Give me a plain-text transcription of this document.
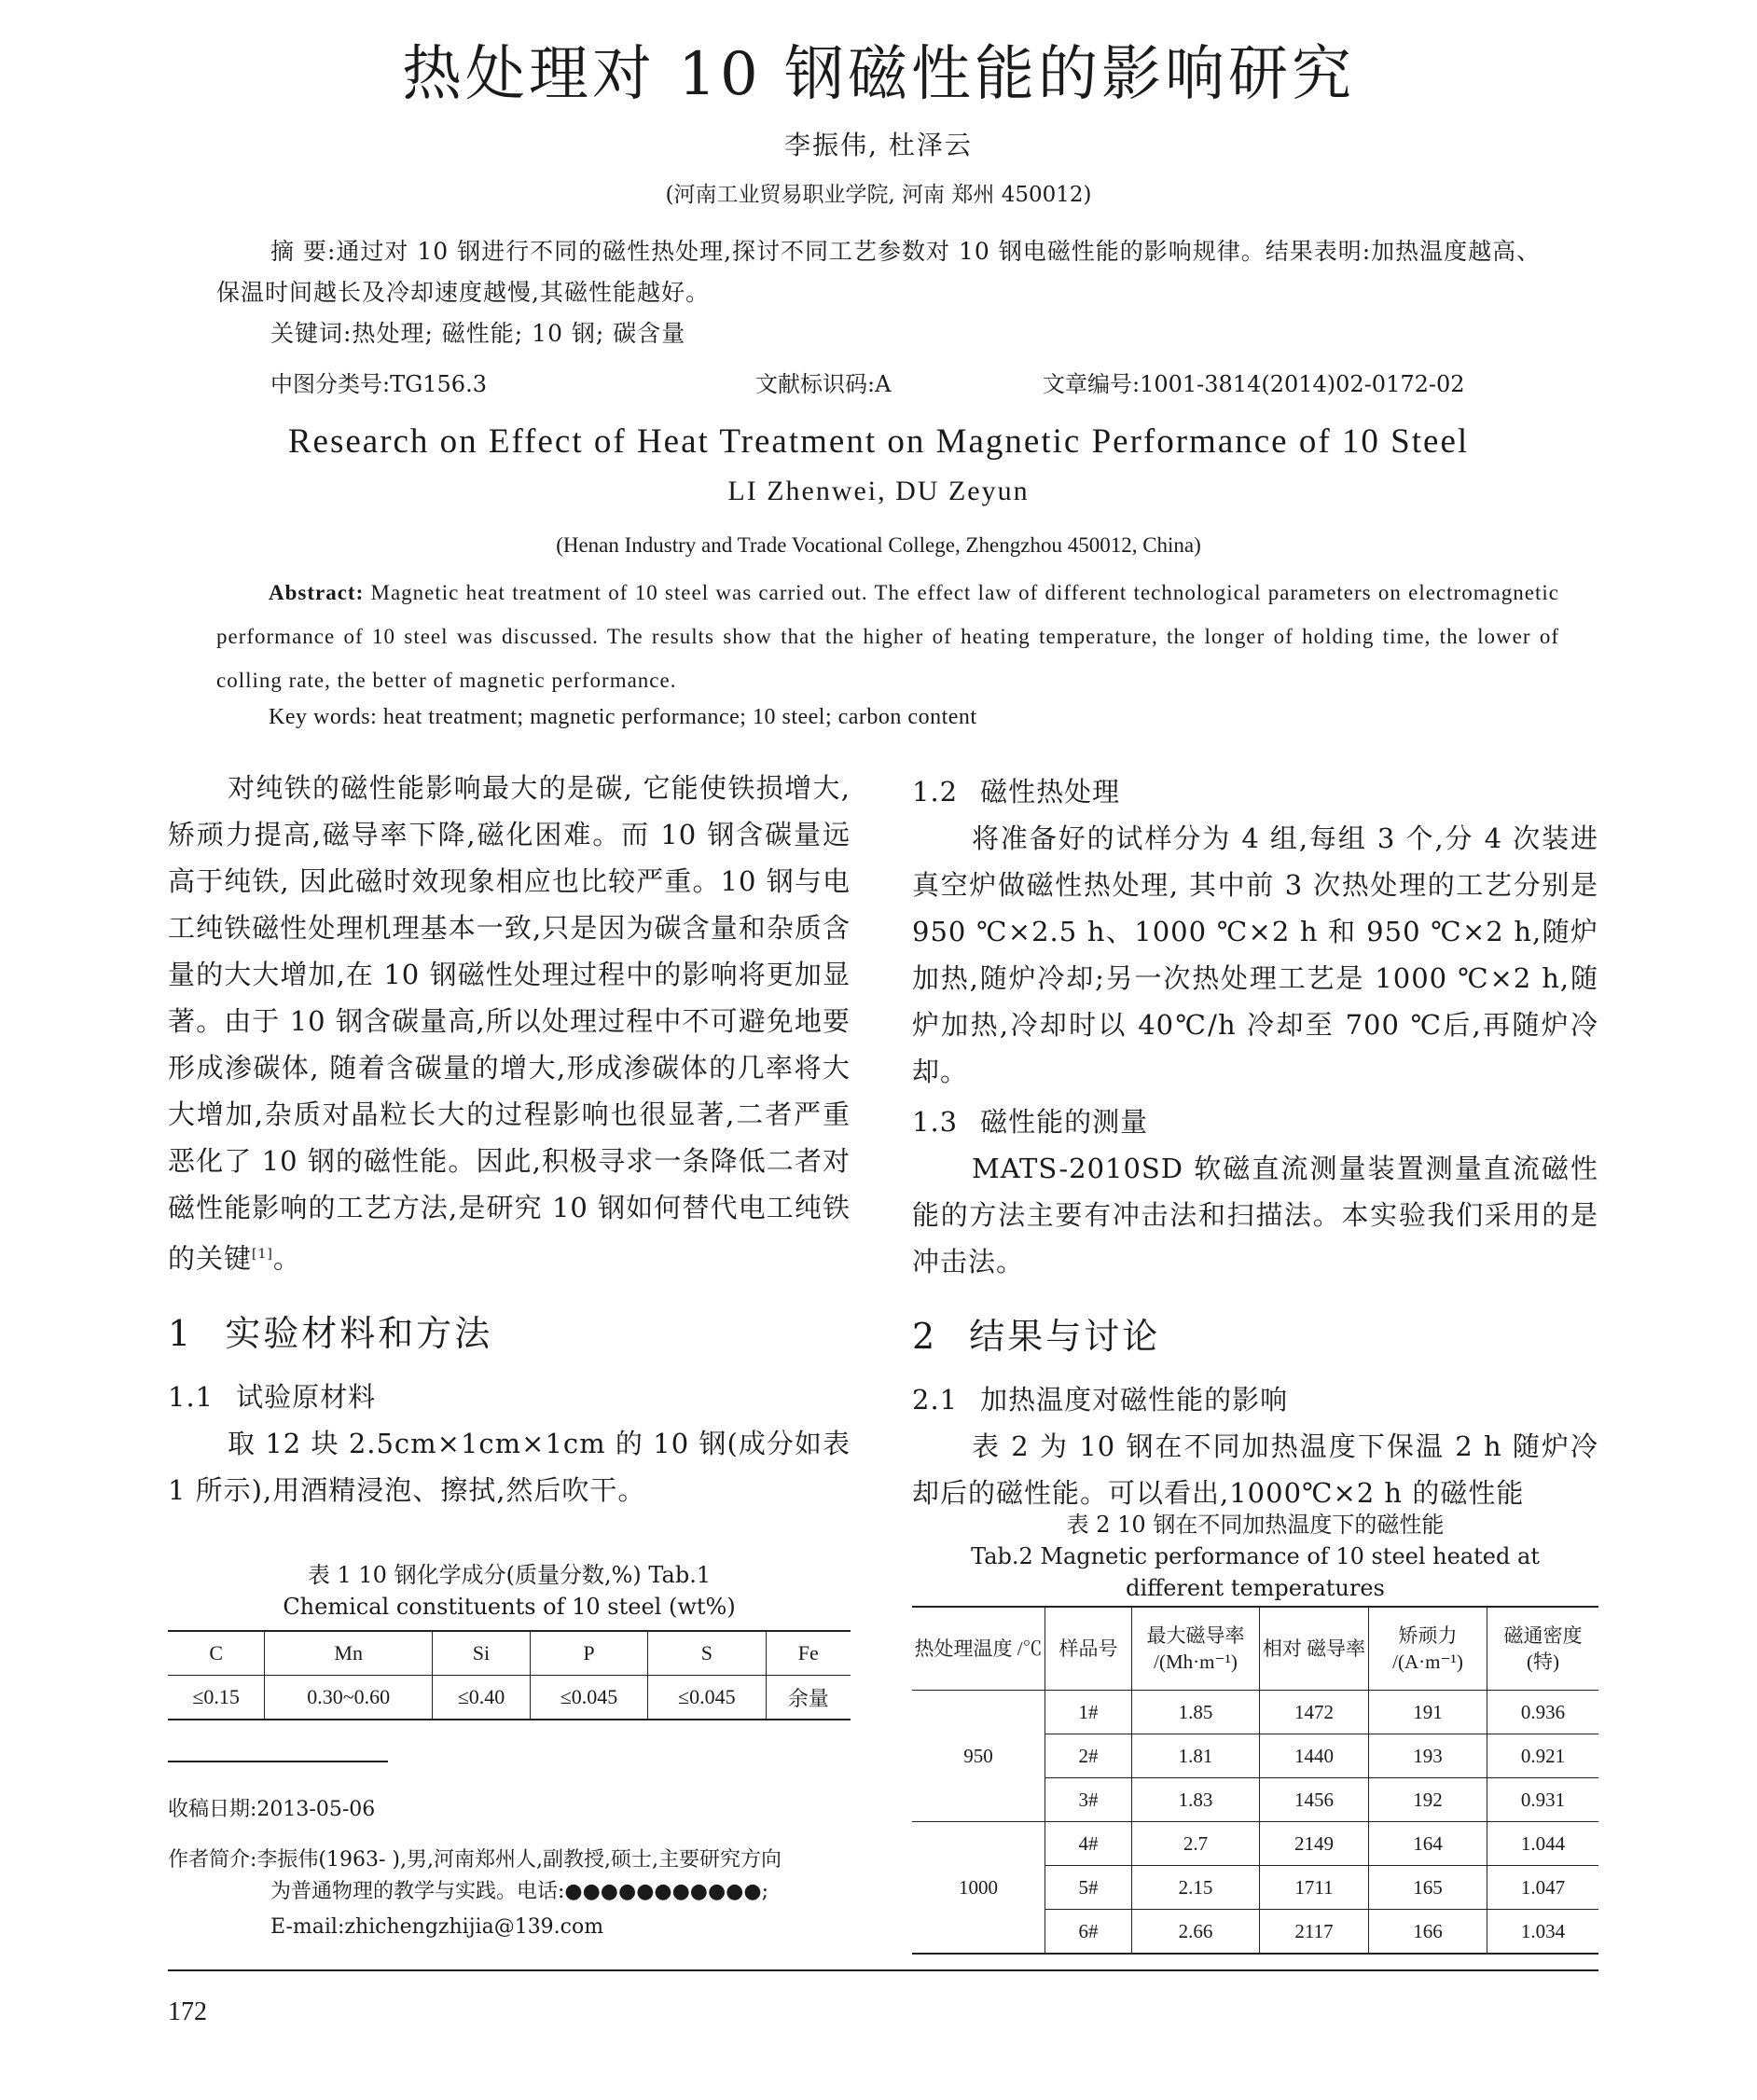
热处理对 10 钢磁性能的影响研究
李振伟, 杜泽云
(河南工业贸易职业学院, 河南 郑州 450012)
摘 要:通过对 10 钢进行不同的磁性热处理,探讨不同工艺参数对 10 钢电磁性能的影响规律。结果表明:加热温度越高、保温时间越长及冷却速度越慢,其磁性能越好。
关键词:热处理; 磁性能; 10 钢; 碳含量
中图分类号:TG156.3	文献标识码:A	文章编号:1001-3814(2014)02-0172-02
Research on Effect of Heat Treatment on Magnetic Performance of 10 Steel
LI Zhenwei, DU Zeyun
(Henan Industry and Trade Vocational College, Zhengzhou 450012, China)
Abstract: Magnetic heat treatment of 10 steel was carried out. The effect law of different technological parameters on electromagnetic performance of 10 steel was discussed. The results show that the higher of heating temperature, the longer of holding time, the lower of colling rate, the better of magnetic performance.
Key words: heat treatment; magnetic performance; 10 steel; carbon content

对纯铁的磁性能影响最大的是碳, 它能使铁损增大,矫顽力提高,磁导率下降,磁化困难。而 10 钢含碳量远高于纯铁, 因此磁时效现象相应也比较严重。10 钢与电工纯铁磁性处理机理基本一致,只是因为碳含量和杂质含量的大大增加,在 10 钢磁性处理过程中的影响将更加显著。由于 10 钢含碳量高,所以处理过程中不可避免地要形成渗碳体, 随着含碳量的增大,形成渗碳体的几率将大大增加,杂质对晶粒长大的过程影响也很显著,二者严重恶化了 10 钢的磁性能。因此,积极寻求一条降低二者对磁性能影响的工艺方法,是研究 10 钢如何替代电工纯铁的关键[1]。

1 实验材料和方法
1.1 试验原材料

取 12 块 2.5cm×1cm×1cm 的 10 钢(成分如表 1 所示),用酒精浸泡、擦拭,然后吹干。

表 1 10 钢化学成分(质量分数,%) Tab.1
Chemical constituents of 10 steel (wt%)
C	Mn	Si	P	S	Fe
≤0.15	0.30~0.60	≤0.40	≤0.045	≤0.045	余量
收稿日期:2013-05-06
作者简介:李振伟(1963- ),男,河南郑州人,副教授,硕士,主要研究方向
为普通物理的教学与实践。电话:●●●●●●●●●●●;
E-mail:zhichengzhijia@139.com
1.2 磁性热处理

将准备好的试样分为 4 组,每组 3 个,分 4 次装进真空炉做磁性热处理, 其中前 3 次热处理的工艺分别是 950 ℃×2.5 h、1000 ℃×2 h 和 950 ℃×2 h,随炉加热,随炉冷却;另一次热处理工艺是 1000 ℃×2 h,随炉加热,冷却时以 40℃/h 冷却至 700 ℃后,再随炉冷却。

1.3 磁性能的测量

MATS-2010SD 软磁直流测量装置测量直流磁性能的方法主要有冲击法和扫描法。本实验我们采用的是冲击法。

2 结果与讨论
2.1 加热温度对磁性能的影响

表 2 为 10 钢在不同加热温度下保温 2 h 随炉冷却后的磁性能。可以看出,1000℃×2 h 的磁性能

表 2 10 钢在不同加热温度下的磁性能
Tab.2 Magnetic performance of 10 steel heated at
different temperatures
热处理温度 /℃	样品号	最大磁导率 /(Mh·m⁻¹)	相对 磁导率	矫顽力 /(A·m⁻¹)	磁通密度 (特)
950	1#	1.85	1472	191	0.936
	2#	1.81	1440	193	0.921
	3#	1.83	1456	192	0.931
1000	4#	2.7	2149	164	1.044
	5#	2.15	1711	165	1.047
	6#	2.66	2117	166	1.034
172
